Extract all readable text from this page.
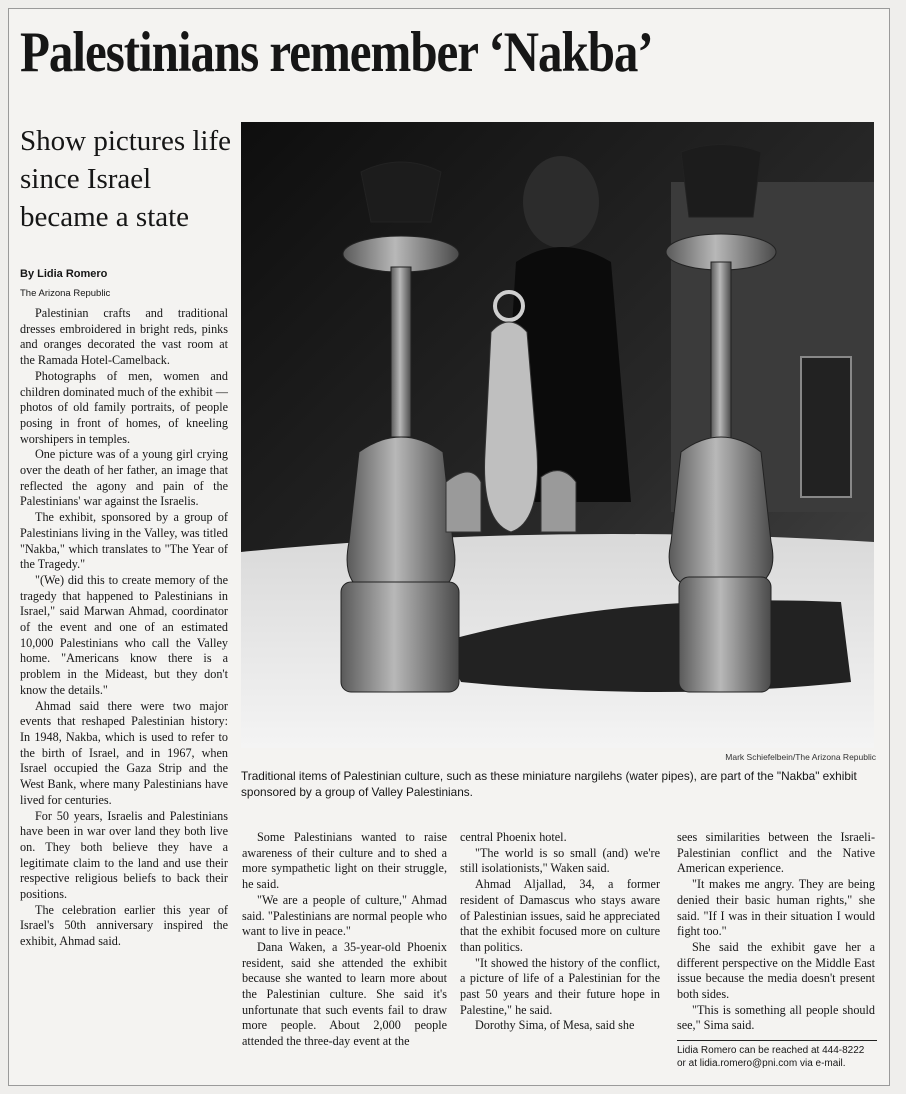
Palestinians remember ‘Nakba’
Show pictures life since Israel became a state
By Lidia Romero
The Arizona Republic

Palestinian crafts and traditional dresses embroidered in bright reds, pinks and oranges decorated the vast room at the Ramada Hotel-Camelback.

Photographs of men, women and children dominated much of the exhibit — photos of old family portraits, of people posing in front of homes, of kneeling worshipers in temples.

One picture was of a young girl crying over the death of her father, an image that reflected the agony and pain of the Palestinians' war against the Israelis.

The exhibit, sponsored by a group of Palestinians living in the Valley, was titled "Nakba," which translates to "The Year of the Tragedy."

"(We) did this to create memory of the tragedy that happened to Palestinians in Israel," said Marwan Ahmad, coordinator of the event and one of an estimated 10,000 Palestinians who call the Valley home. "Americans know there is a problem in the Mideast, but they don't know the details."

Ahmad said there were two major events that reshaped Palestinian history: In 1948, Nakba, which is used to refer to the birth of Israel, and in 1967, when Israel occupied the Gaza Strip and the West Bank, where many Palestinians have lived for centuries.

For 50 years, Israelis and Palestinians have been in war over land they both live on. They both believe they have a legitimate claim to the land and use their respective religious beliefs to back their positions.

The celebration earlier this year of Israel's 50th anniversary inspired the exhibit, Ahmad said.

Mark Schiefelbein/The Arizona Republic

Traditional items of Palestinian culture, such as these miniature nargilehs (water pipes), are part of the "Nakba" exhibit sponsored by a group of Valley Palestinians.

Some Palestinians wanted to raise awareness of their culture and to shed a more sympathetic light on their struggle, he said.

"We are a people of culture," Ahmad said. "Palestinians are normal people who want to live in peace."

Dana Waken, a 35-year-old Phoenix resident, said she attended the exhibit because she wanted to learn more about the Palestinian culture. She said it's unfortunate that such events fail to draw more people. About 2,000 people attended the three-day event at the

central Phoenix hotel.

"The world is so small (and) we're still isolationists," Waken said.

Ahmad Aljallad, 34, a former resident of Damascus who stays aware of Palestinian issues, said he appreciated that the exhibit focused more on culture than politics.

"It showed the history of the conflict, a picture of life of a Palestinian for the past 50 years and their future hope in Palestine," he said.

Dorothy Sima, of Mesa, said she

sees similarities between the Israeli-Palestinian conflict and the Native American experience.

"It makes me angry. They are being denied their basic human rights," she said. "If I was in their situation I would fight too."

She said the exhibit gave her a different perspective on the Middle East issue because the media doesn't present both sides.

"This is something all people should see," Sima said.

Lidia Romero can be reached at 444-8222
or at lidia.romero@pni.com via e-mail.
